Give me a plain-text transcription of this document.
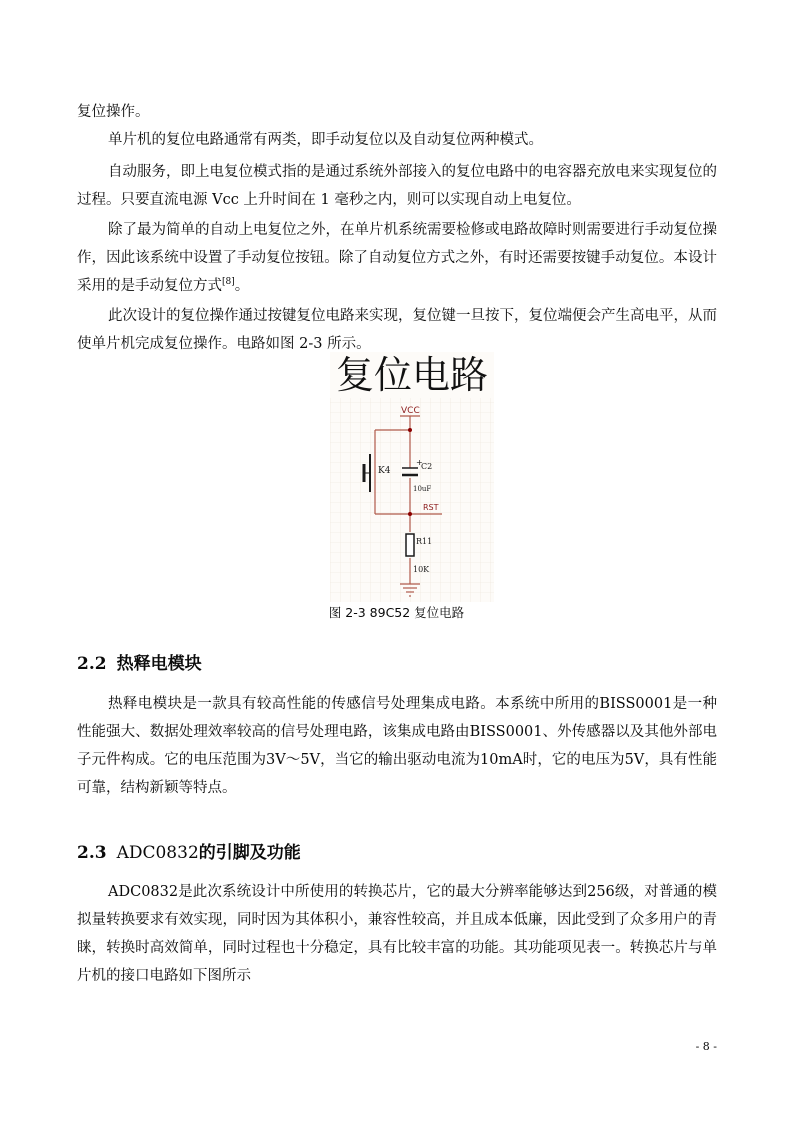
复位操作。

单片机的复位电路通常有两类，即手动复位以及自动复位两种模式。

自动服务，即上电复位模式指的是通过系统外部接入的复位电路中的电容器充放电来实现复位的过程。只要直流电源 Vcc 上升时间在 1 毫秒之内，则可以实现自动上电复位。

除了最为简单的自动上电复位之外，在单片机系统需要检修或电路故障时则需要进行手动复位操作，因此该系统中设置了手动复位按钮。除了自动复位方式之外，有时还需要按键手动复位。本设计采用的是手动复位方式[8]。

此次设计的复位操作通过按键复位电路来实现，复位键一旦按下，复位端便会产生高电平，从而使单片机完成复位操作。电路如图 2-3 所示。

复位电路
+
VCC
K4	C2
10uF
RST
R11
10K
图 2-3 89C52 复位电路
2.2 热释电模块

热释电模块是一款具有较高性能的传感信号处理集成电路。本系统中所用的BISS0001是一种性能强大、数据处理效率较高的信号处理电路，该集成电路由BISS0001、外传感器以及其他外部电子元件构成。它的电压范围为3V～5V，当它的输出驱动电流为10mA时，它的电压为5V，具有性能可靠，结构新颖等特点。

2.3 ADC0832的引脚及功能

ADC0832是此次系统设计中所使用的转换芯片，它的最大分辨率能够达到256级，对普通的模拟量转换要求有效实现，同时因为其体积小，兼容性较高，并且成本低廉，因此受到了众多用户的青睐，转换时高效简单，同时过程也十分稳定，具有比较丰富的功能。其功能项见表一。转换芯片与单片机的接口电路如下图所示

- 8 -
